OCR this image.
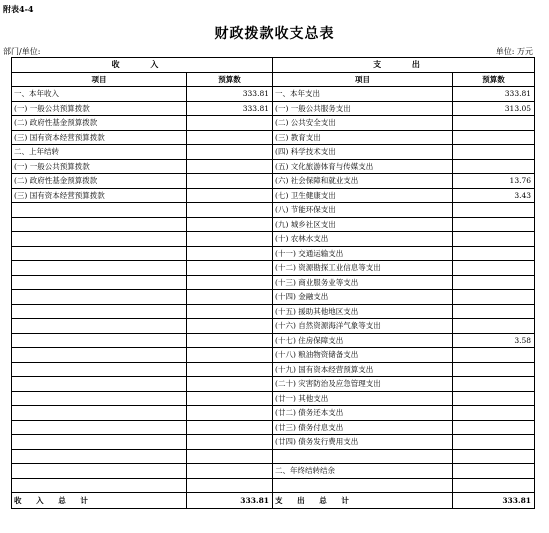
附表4-4
财政拨款收支总表
部门/单位:	单位: 万元
收 入		支 出	
项目	预算数	项目	预算数
一、本年收入	333.81	一、本年支出	333.81
(一) 一般公共预算拨款	333.81	(一) 一般公共服务支出	313.05
(二) 政府性基金预算拨款		(二) 公共安全支出	
(三) 国有资本经营预算拨款		(三) 教育支出	
二、上年结转		(四) 科学技术支出	
(一) 一般公共预算拨款		(五) 文化旅游体育与传媒支出	
(二) 政府性基金预算拨款		(六) 社会保障和就业支出	13.76
(三) 国有资本经营预算拨款		(七) 卫生健康支出	3.43
		(八) 节能环保支出	
		(九) 城乡社区支出	
		(十) 农林水支出	
		(十一) 交通运输支出	
		(十二) 资源勘探工业信息等支出	
		(十三) 商业服务业等支出	
		(十四) 金融支出	
		(十五) 援助其他地区支出	
		(十六) 自然资源海洋气象等支出	
		(十七) 住房保障支出	3.58
		(十八) 粮油物资储备支出	
		(十九) 国有资本经营预算支出	
		(二十) 灾害防治及应急管理支出	
		(廿一) 其他支出	
		(廿二) 债务还本支出	
		(廿三) 债务付息支出	
		(廿四) 债务发行费用支出	

		二、年终结转结余	

收 入 总 计	333.81	支 出 总 计	333.81
